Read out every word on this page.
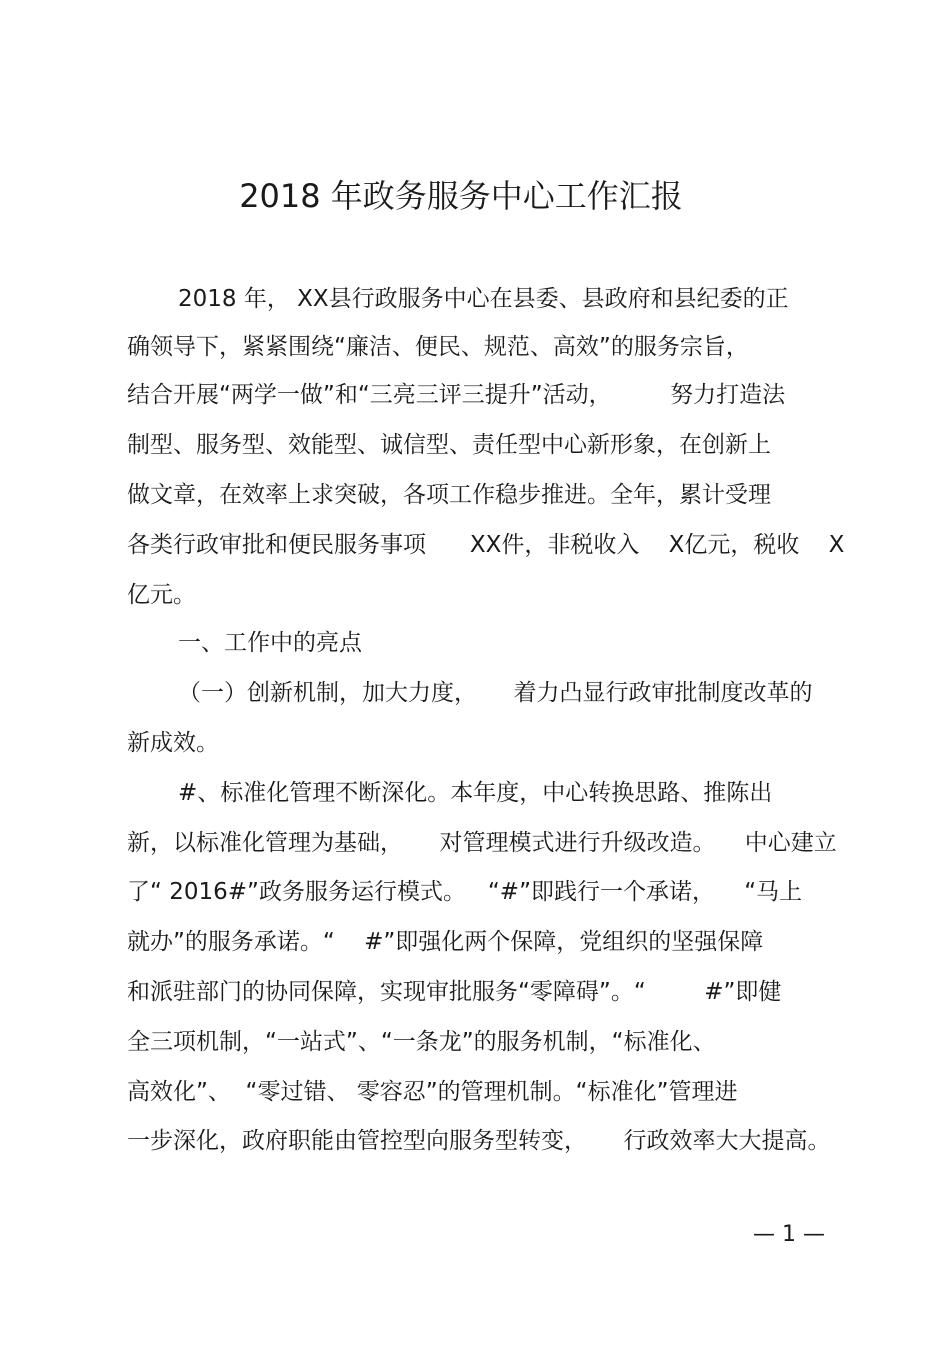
2018 年政务服务中心工作汇报
2018 年， XX县行政服务中心在县委、县政府和县纪委的正
确领导下，紧紧围绕“廉洁、便民、规范、高效”的服务宗旨，
结合开展“两学一做”和“三亮三评三提升”活动，        努力打造法
制型、服务型、效能型、诚信型、责任型中心新形象，在创新上
做文章，在效率上求突破，各项工作稳步推进。全年，累计受理
各类行政审批和便民服务事项      XX件，非税收入    X亿元，税收    X
亿元。
一、工作中的亮点
（一）创新机制，加大力度，     着力凸显行政审批制度改革的
新成效。
#、标准化管理不断深化。本年度，中心转换思路、推陈出
新，以标准化管理为基础，     对管理模式进行升级改造。    中心建立
了“ 2016#”政务服务运行模式。   “#”即践行一个承诺，    “马上
就办”的服务承诺。“    #”即强化两个保障，党组织的坚强保障
和派驻部门的协同保障，实现审批服务“零障碍”。“        #”即健
全三项机制，“一站式”、“一条龙”的服务机制，“标准化、
高效化”、  “零过错、 零容忍”的管理机制。“标准化”管理进
一步深化，政府职能由管控型向服务型转变，     行政效率大大提高。
— 1 —
